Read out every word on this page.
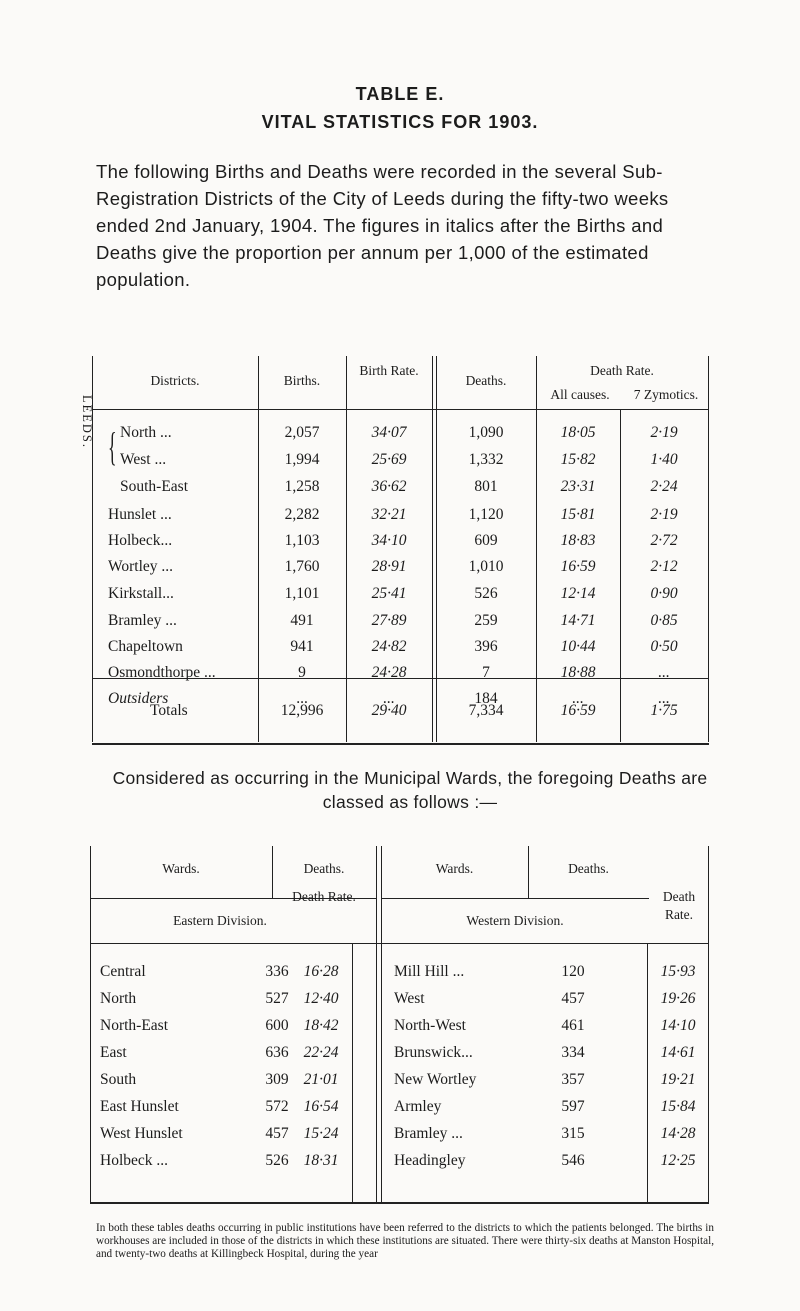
TABLE E.
VITAL STATISTICS FOR 1903.
The following Births and Deaths were recorded in the several Sub-Registration Districts of the City of Leeds during the fifty-two weeks ended 2nd January, 1904. The figures in italics after the Births and Deaths give the proportion per annum per 1,000 of the estimated population.
Districts.	Births.
Birth Rate.
Deaths.
Death Rate.
All causes.	7 Zymotics.
LEEDS. { North ...	2,057	34·07	1,090	18·05	2·19
West ...	1,994	25·69	1,332	15·82	1·40
South-East	1,258	36·62	801	23·31	2·24
Hunslet ...	2,282	32·21	1,120	15·81	2·19
Holbeck...	1,103	34·10	609	18·83	2·72
Wortley ...	1,760	28·91	1,010	16·59	2·12
Kirkstall...	1,101	25·41	526	12·14	0·90
Bramley ...	491	27·89	259	14·71	0·85
Chapeltown	941	24·82	396	10·44	0·50
Osmondthorpe ...	9	24·28	7	18·88	...
Outsiders	...	...	184	...	...
Totals	12,996	29·40	7,334	16·59	1·75
Considered as occurring in the Municipal Wards, the foregoing Deaths are classed as follows :—
Wards.	Deaths.
Death Rate.
Eastern Division.
Wards.	Deaths.
Death Rate.
Western Division.
Central	336 16·28
North	527 12·40
North-East	600 18·42
East	636 22·24
South	309 21·01
East Hunslet	572 16·54
West Hunslet	457 15·24
Holbeck ...	526 18·31
Mill Hill ...	120	15·93
West	457	19·26
North-West	461	14·10
Brunswick...	334	14·61
New Wortley	357	19·21
Armley	597	15·84
Bramley ...	315	14·28
Headingley	546	12·25
In both these tables deaths occurring in public institutions have been referred to the districts to which the patients belonged. The births in workhouses are included in those of the districts in which these institutions are situated. There were thirty-six deaths at Manston Hospital, and twenty-two deaths at Killingbeck Hospital, during the year
